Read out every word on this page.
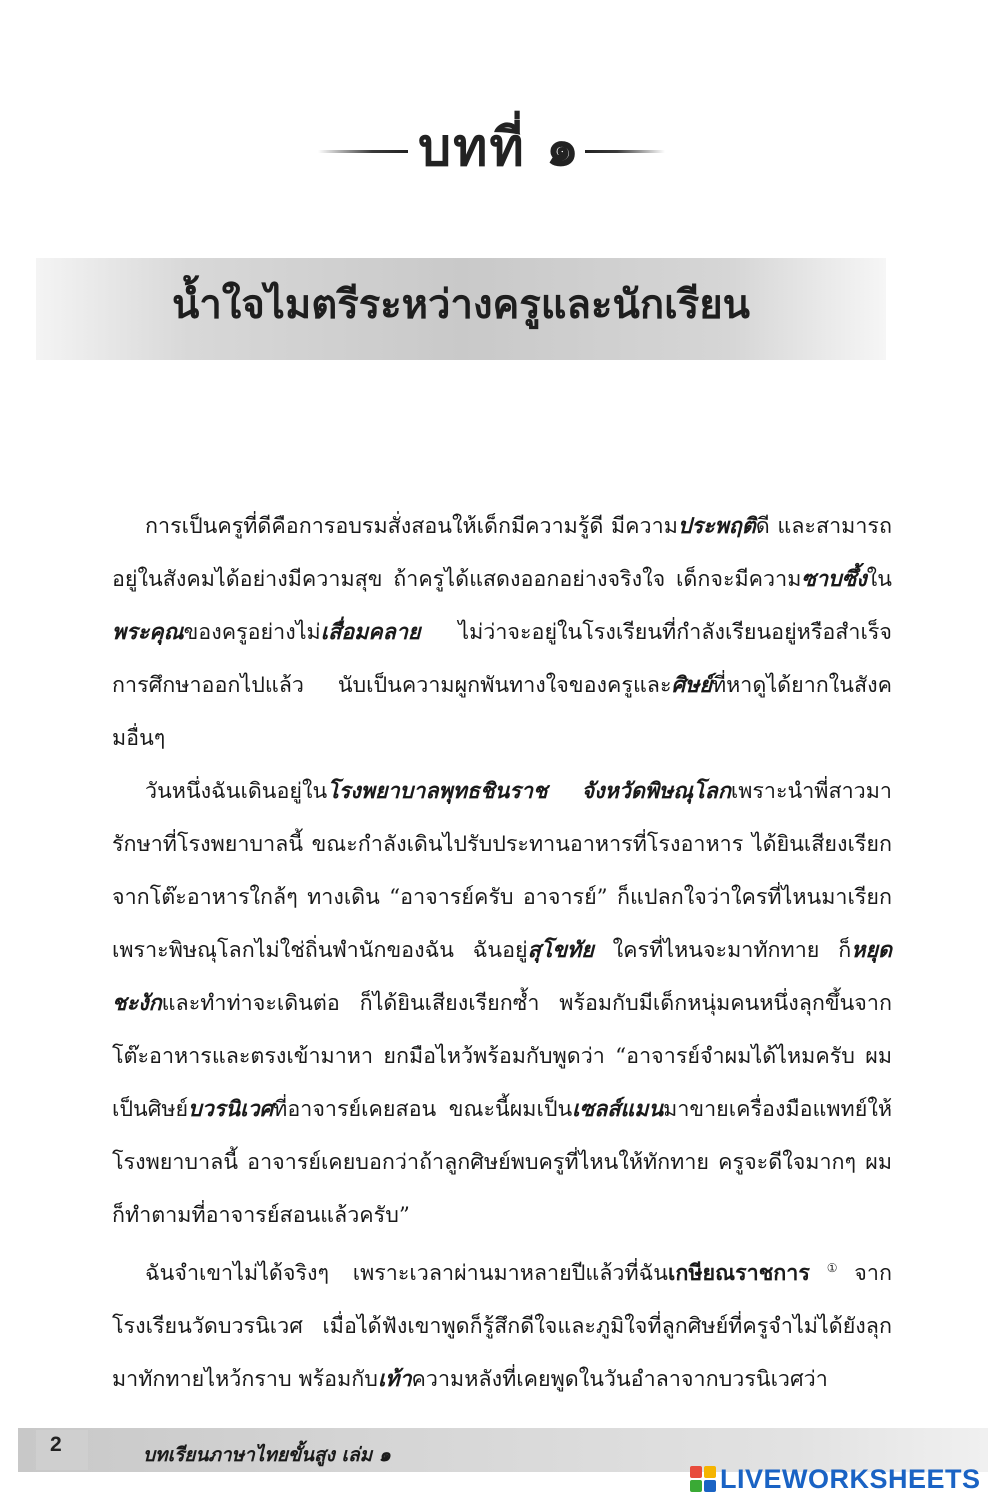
บทที่ ๑
น้ำใจไมตรีระหว่างครูและนักเรียน

การเป็นครูที่ดีคือการอบรมสั่งสอนให้เด็กมีความรู้ดี มีความประพฤติดี และสามารถอยู่ในสังคมได้อย่างมีความสุข ถ้าครูได้แสดงออกอย่างจริงใจ เด็กจะมีความซาบซึ้งในพระคุณของครูอย่างไม่เสื่อมคลาย ไม่ว่าจะอยู่ในโรงเรียนที่กำลังเรียนอยู่หรือสำเร็จการศึกษาออกไปแล้ว นับเป็นความผูกพันทางใจของครูและศิษย์ที่หาดูได้ยากในสังคมอื่นๆ

วันหนึ่งฉันเดินอยู่ในโรงพยาบาลพุทธชินราช จังหวัดพิษณุโลกเพราะนำพี่สาวมารักษาที่โรงพยาบาลนี้ ขณะกำลังเดินไปรับประทานอาหารที่โรงอาหาร ได้ยินเสียงเรียกจากโต๊ะอาหารใกล้ๆ ทางเดิน “อาจารย์ครับ อาจารย์” ก็แปลกใจว่าใครที่ไหนมาเรียก เพราะพิษณุโลกไม่ใช่ถิ่นพำนักของฉัน ฉันอยู่สุโขทัย ใครที่ไหนจะมาทักทาย ก็หยุดชะงักและทำท่าจะเดินต่อ ก็ได้ยินเสียงเรียกซ้ำ พร้อมกับมีเด็กหนุ่มคนหนึ่งลุกขึ้นจากโต๊ะอาหารและตรงเข้ามาหา ยกมือไหว้พร้อมกับพูดว่า “อาจารย์จำผมได้ไหมครับ ผมเป็นศิษย์บวรนิเวศที่อาจารย์เคยสอน ขณะนี้ผมเป็นเซลส์แมนมาขายเครื่องมือแพทย์ให้โรงพยาบาลนี้ อาจารย์เคยบอกว่าถ้าลูกศิษย์พบครูที่ไหนให้ทักทาย ครูจะดีใจมากๆ ผมก็ทำตามที่อาจารย์สอนแล้วครับ”

ฉันจำเขาไม่ได้จริงๆ เพราะเวลาผ่านมาหลายปีแล้วที่ฉันเกษียณราชการ①จากโรงเรียนวัดบวรนิเวศ เมื่อได้ฟังเขาพูดก็รู้สึกดีใจและภูมิใจที่ลูกศิษย์ที่ครูจำไม่ได้ยังลุกมาทักทายไหว้กราบ พร้อมกับเท้าความหลังที่เคยพูดในวันอำลาจากบวรนิเวศว่า

2	บทเรียนภาษาไทยขั้นสูง เล่ม ๑
LIVEWORKSHEETS
